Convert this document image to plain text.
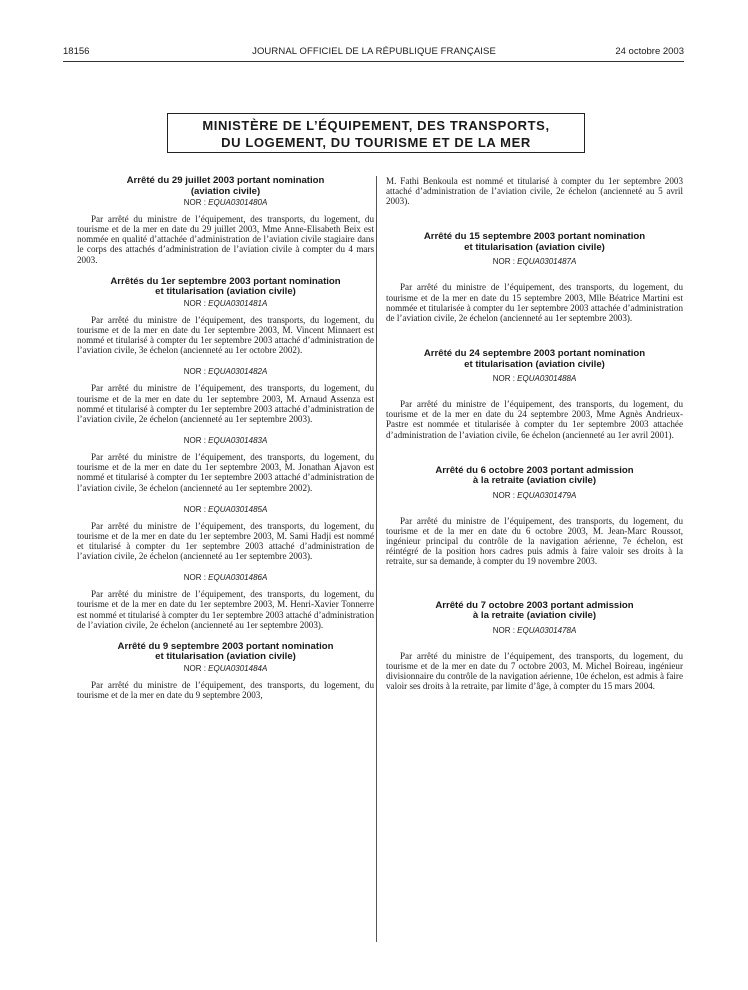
18156	JOURNAL OFFICIEL DE LA RÉPUBLIQUE FRANÇAISE	24 octobre 2003
MINISTÈRE DE L’ÉQUIPEMENT, DES TRANSPORTS,
DU LOGEMENT, DU TOURISME ET DE LA MER
Arrêté du 29 juillet 2003 portant nomination
(aviation civile)
NOR : EQUA0301480A

Par arrêté du ministre de l’équipement, des transports, du logement, du tourisme et de la mer en date du 29 juillet 2003, Mme Anne-Elisabeth Beix est nommée en qualité d’attachée d’administration de l’aviation civile stagiaire dans le corps des attachés d’administration de l’aviation civile à compter du 4 mars 2003.

Arrêtés du 1er septembre 2003 portant nomination
et titularisation (aviation civile)
NOR : EQUA0301481A

Par arrêté du ministre de l’équipement, des transports, du logement, du tourisme et de la mer en date du 1er septembre 2003, M. Vincent Minnaert est nommé et titularisé à compter du 1er septembre 2003 attaché d’administration de l’aviation civile, 3e échelon (ancienneté au 1er octobre 2002).

NOR : EQUA0301482A

Par arrêté du ministre de l’équipement, des transports, du logement, du tourisme et de la mer en date du 1er septembre 2003, M. Arnaud Assenza est nommé et titularisé à compter du 1er septembre 2003 attaché d’administration de l’aviation civile, 2e échelon (ancienneté au 1er septembre 2003).

NOR : EQUA0301483A

Par arrêté du ministre de l’équipement, des transports, du logement, du tourisme et de la mer en date du 1er septembre 2003, M. Jonathan Ajavon est nommé et titularisé à compter du 1er septembre 2003 attaché d’administration de l’aviation civile, 3e échelon (ancienneté au 1er septembre 2002).

NOR : EQUA0301485A

Par arrêté du ministre de l’équipement, des transports, du logement, du tourisme et de la mer en date du 1er septembre 2003, M. Sami Hadji est nommé et titularisé à compter du 1er septembre 2003 attaché d’administration de l’aviation civile, 2e échelon (ancienneté au 1er septembre 2003).

NOR : EQUA0301486A

Par arrêté du ministre de l’équipement, des transports, du logement, du tourisme et de la mer en date du 1er septembre 2003, M. Henri-Xavier Tonnerre est nommé et titularisé à compter du 1er septembre 2003 attaché d’administration de l’aviation civile, 2e échelon (ancienneté au 1er septembre 2003).

Arrêté du 9 septembre 2003 portant nomination
et titularisation (aviation civile)
NOR : EQUA0301484A

Par arrêté du ministre de l’équipement, des transports, du logement, du tourisme et de la mer en date du 9 septembre 2003,

M. Fathi Benkoula est nommé et titularisé à compter du 1er septembre 2003 attaché d’administration de l’aviation civile, 2e échelon (ancienneté au 5 avril 2003).

Arrêté du 15 septembre 2003 portant nomination
et titularisation (aviation civile)
NOR : EQUA0301487A

Par arrêté du ministre de l’équipement, des transports, du logement, du tourisme et de la mer en date du 15 septembre 2003, Mlle Béatrice Martini est nommée et titularisée à compter du 1er septembre 2003 attachée d’administration de l’aviation civile, 2e échelon (ancienneté au 1er septembre 2003).

Arrêté du 24 septembre 2003 portant nomination
et titularisation (aviation civile)
NOR : EQUA0301488A

Par arrêté du ministre de l’équipement, des transports, du logement, du tourisme et de la mer en date du 24 septembre 2003, Mme Agnès Andrieux-Pastre est nommée et titularisée à compter du 1er septembre 2003 attachée d’administration de l’aviation civile, 6e échelon (ancienneté au 1er avril 2001).

Arrêté du 6 octobre 2003 portant admission
à la retraite (aviation civile)
NOR : EQUA0301479A

Par arrêté du ministre de l’équipement, des transports, du logement, du tourisme et de la mer en date du 6 octobre 2003, M. Jean-Marc Roussot, ingénieur principal du contrôle de la navigation aérienne, 7e échelon, est réintégré de la position hors cadres puis admis à faire valoir ses droits à la retraite, sur sa demande, à compter du 19 novembre 2003.

Arrêté du 7 octobre 2003 portant admission
à la retraite (aviation civile)
NOR : EQUA0301478A

Par arrêté du ministre de l’équipement, des transports, du logement, du tourisme et de la mer en date du 7 octobre 2003, M. Michel Boireau, ingénieur divisionnaire du contrôle de la navigation aérienne, 10e échelon, est admis à faire valoir ses droits à la retraite, par limite d’âge, à compter du 15 mars 2004.
